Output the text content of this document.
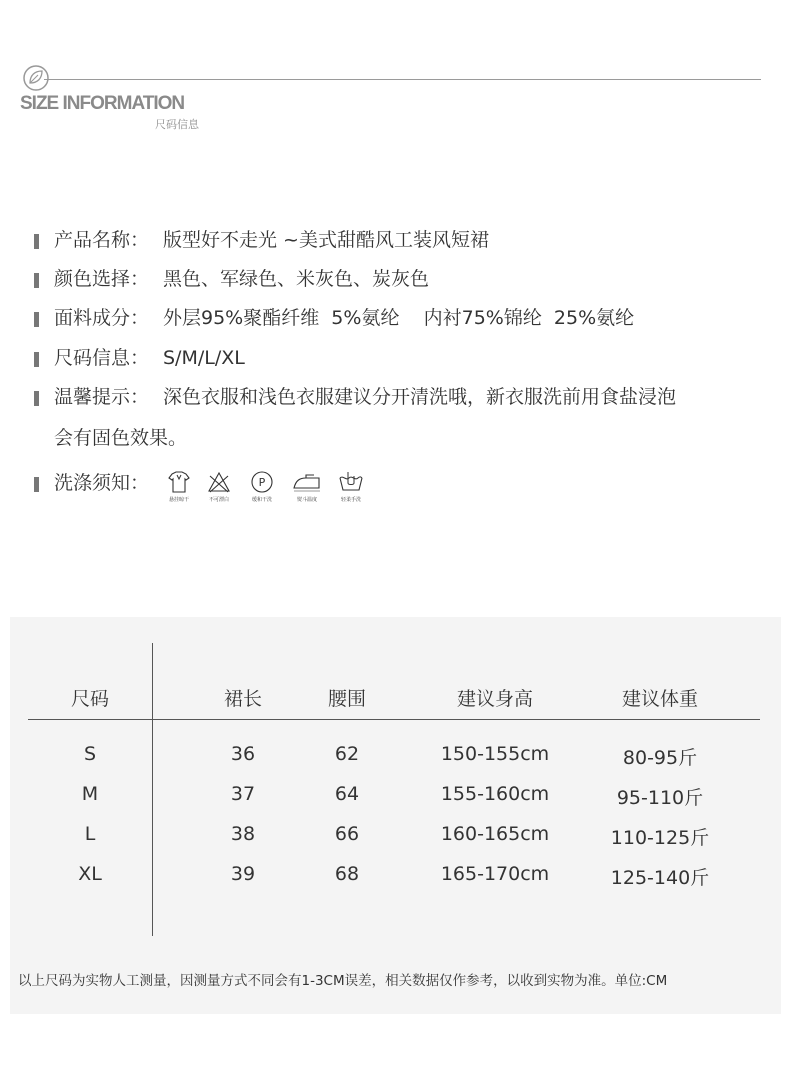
SIZE INFORMATION
尺码信息
产品名称： 版型好不走光 ~美式甜酷风工装风短裙
颜色选择： 黑色、军绿色、米灰色、炭灰色
面料成分： 外层95%聚酯纤维  5%氨纶    内衬75%锦纶  25%氨纶
尺码信息： S/M/L/XL
温馨提示： 深色衣服和浅色衣服建议分开清洗哦，新衣服洗前用食盐浸泡
会有固色效果。
洗涤须知：
悬挂晾干	不可漂白
P
缓和干洗	熨斗温度	轻柔手洗
尺码	裙长	腰围	建议身高	建议体重
S	36	62	150-155cm	80-95斤
M	37	64	155-160cm	95-110斤
L	38	66	160-165cm	110-125斤
XL	39	68	165-170cm	125-140斤
以上尺码为实物人工测量，因测量方式不同会有1-3CM误差，相关数据仅作参考，以收到实物为准。单位:CM
